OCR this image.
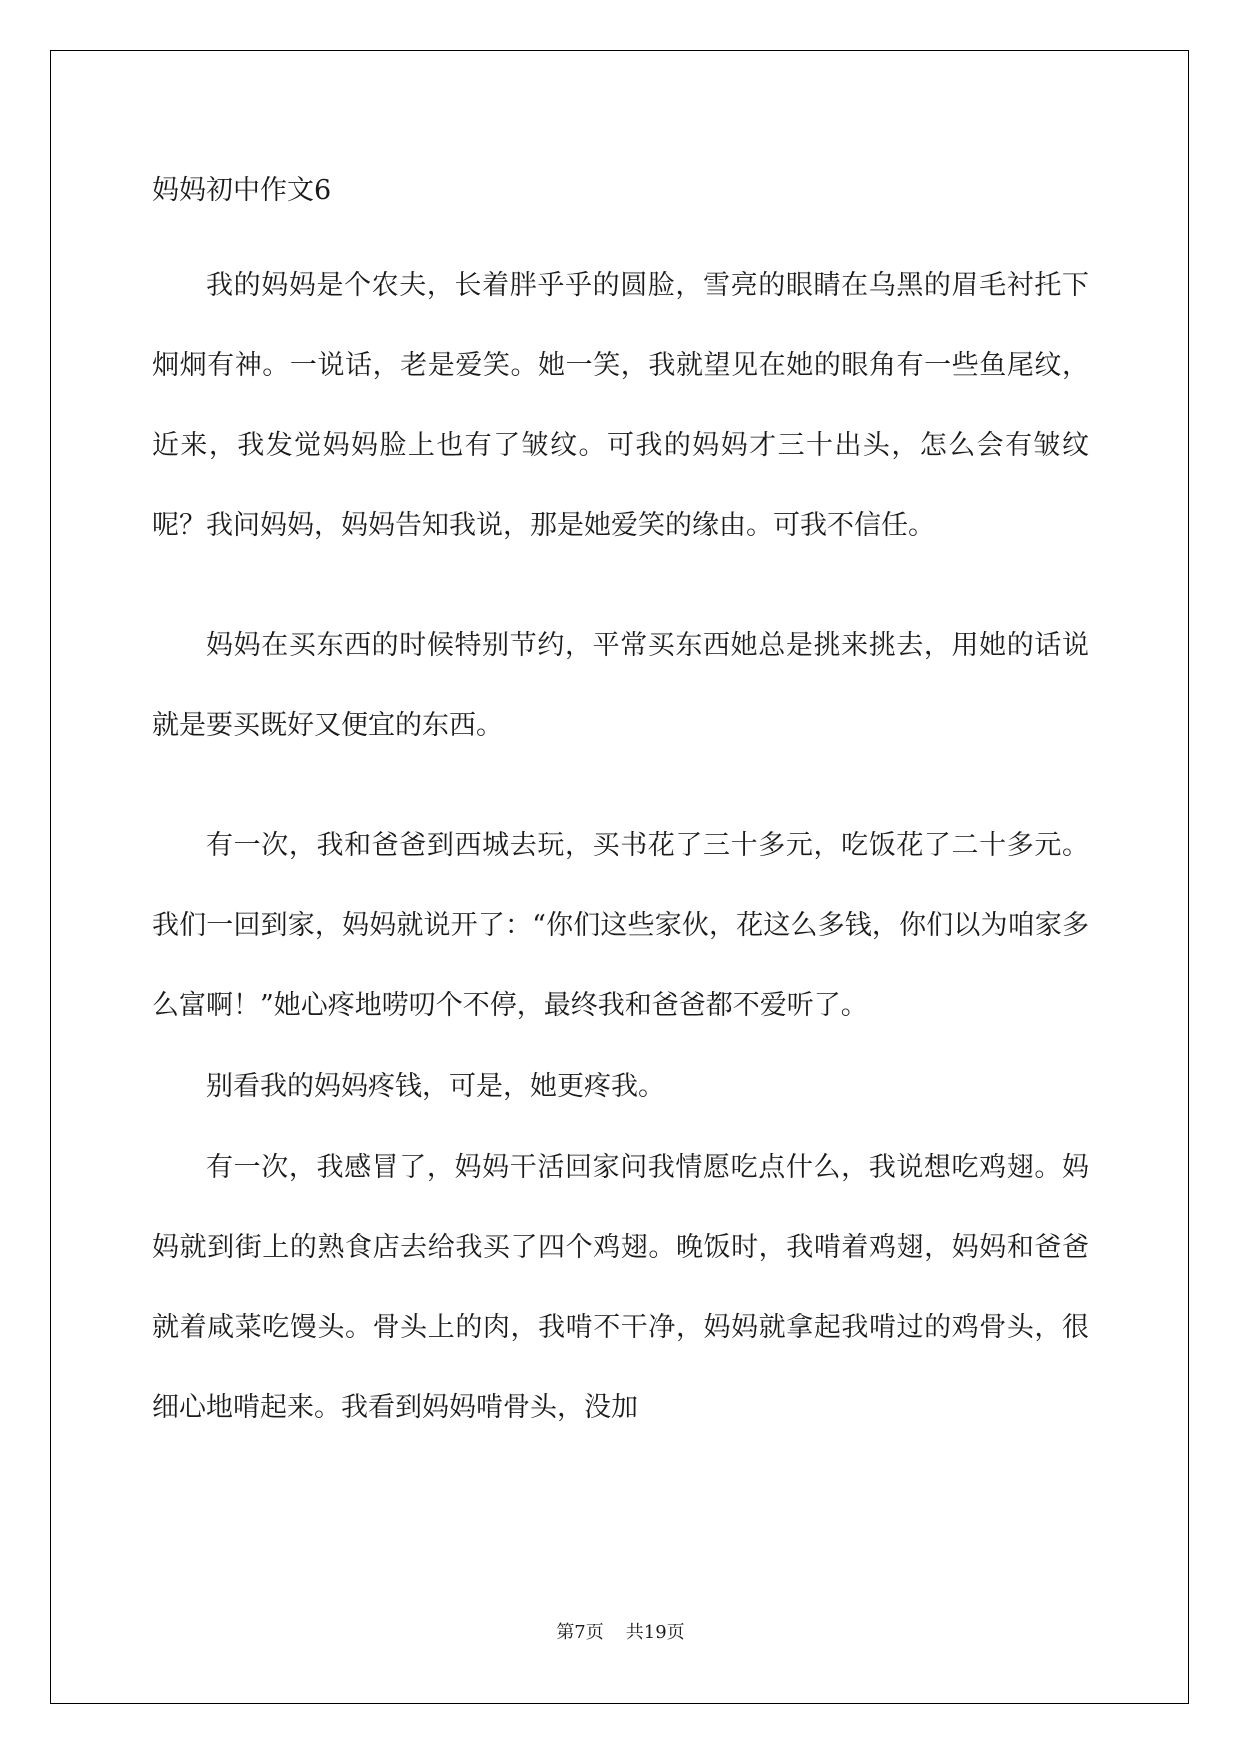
妈妈初中作文6

我的妈妈是个农夫，长着胖乎乎的圆脸，雪亮的眼睛在乌黑的眉毛衬托下炯炯有神。一说话，老是爱笑。她一笑，我就望见在她的眼角有一些鱼尾纹，近来，我发觉妈妈脸上也有了皱纹。可我的妈妈才三十出头，怎么会有皱纹呢？我问妈妈，妈妈告知我说，那是她爱笑的缘由。可我不信任。

妈妈在买东西的时候特别节约，平常买东西她总是挑来挑去，用她的话说就是要买既好又便宜的东西。

有一次，我和爸爸到西城去玩，买书花了三十多元，吃饭花了二十多元。我们一回到家，妈妈就说开了：“你们这些家伙，花这么多钱，你们以为咱家多么富啊！”她心疼地唠叨个不停，最终我和爸爸都不爱听了。

别看我的妈妈疼钱，可是，她更疼我。

有一次，我感冒了，妈妈干活回家问我情愿吃点什么，我说想吃鸡翅。妈妈就到街上的熟食店去给我买了四个鸡翅。晚饭时，我啃着鸡翅，妈妈和爸爸就着咸菜吃馒头。骨头上的肉，我啃不干净，妈妈就拿起我啃过的鸡骨头，很细心地啃起来。我看到妈妈啃骨头，没加

第7页 共19页
